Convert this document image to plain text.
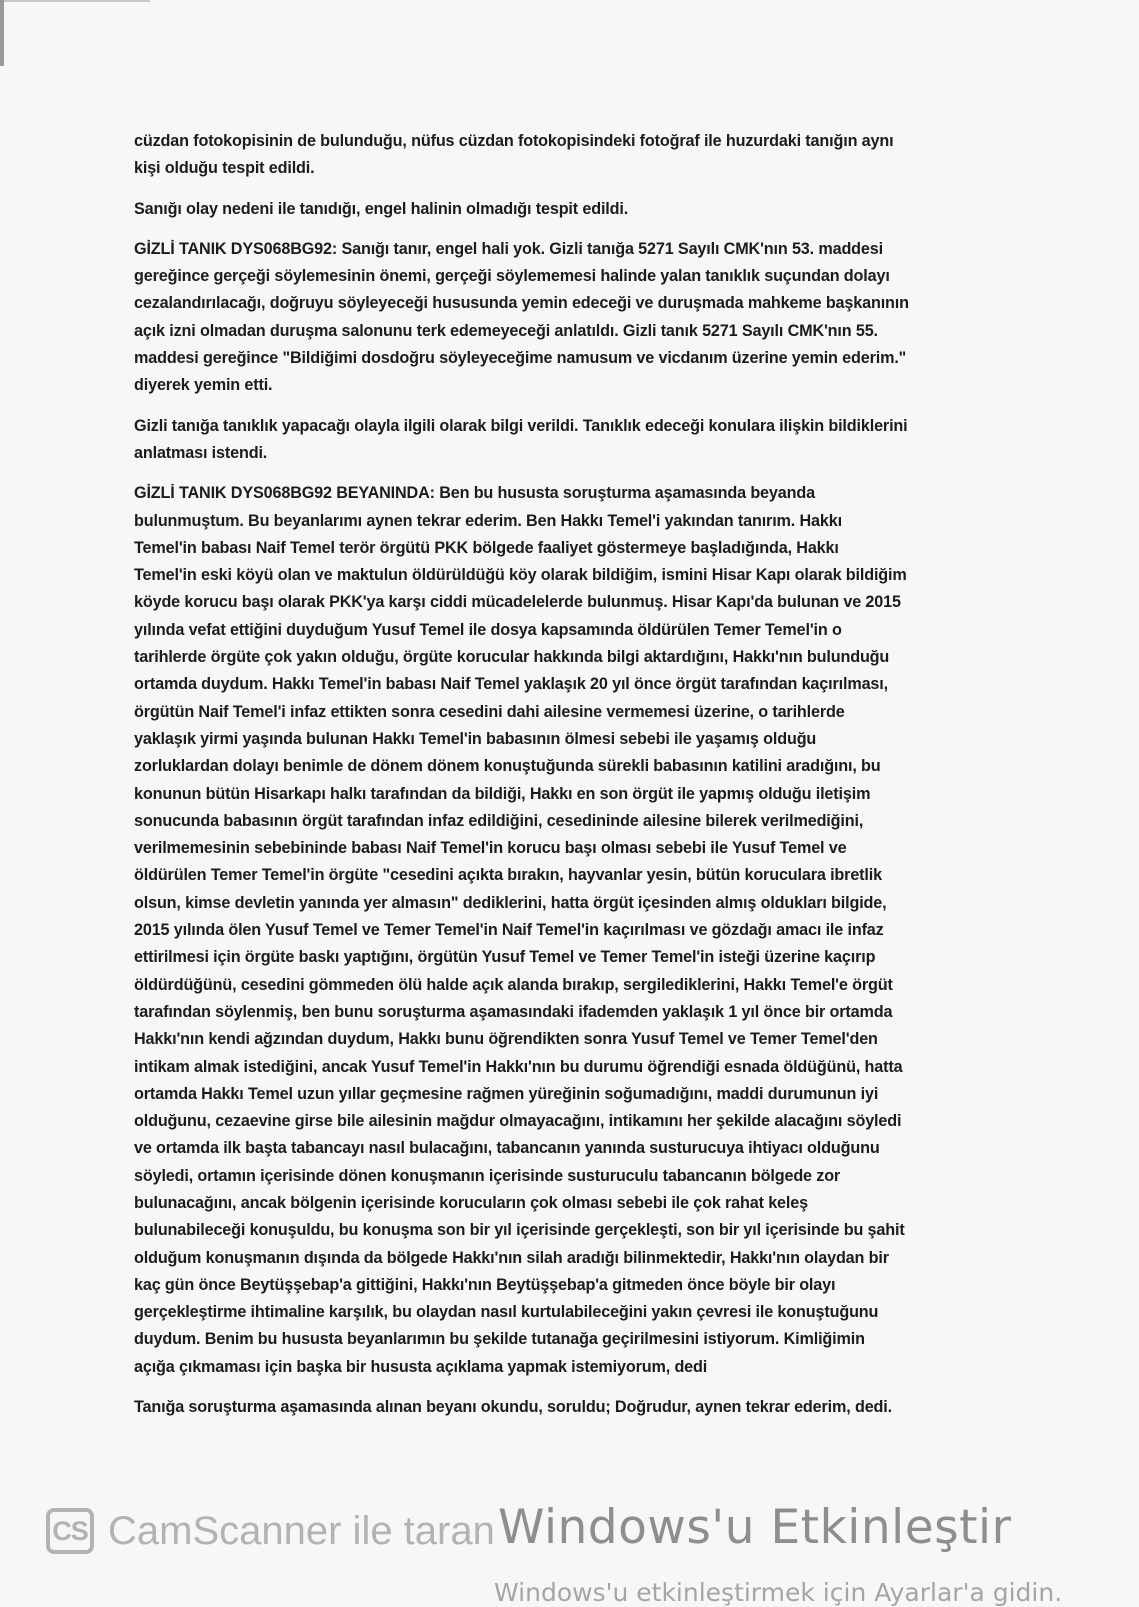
cüzdan fotokopisinin de bulunduğu, nüfus cüzdan fotokopisindeki fotoğraf ile huzurdaki tanığın aynı
kişi olduğu tespit edildi.

Sanığı olay nedeni ile tanıdığı, engel halinin olmadığı tespit edildi.

GİZLİ TANIK DYS068BG92: Sanığı tanır, engel hali yok. Gizli tanığa 5271 Sayılı CMK'nın 53. maddesi
gereğince gerçeği söylemesinin önemi, gerçeği söylememesi halinde yalan tanıklık suçundan dolayı
cezalandırılacağı, doğruyu söyleyeceği hususunda yemin edeceği ve duruşmada mahkeme başkanının
açık izni olmadan duruşma salonunu terk edemeyeceği anlatıldı. Gizli tanık 5271 Sayılı CMK'nın 55.
maddesi gereğince "Bildiğimi dosdoğru söyleyeceğime namusum ve vicdanım üzerine yemin ederim."
diyerek yemin etti.

Gizli tanığa tanıklık yapacağı olayla ilgili olarak bilgi verildi. Tanıklık edeceği konulara ilişkin bildiklerini
anlatması istendi.

GİZLİ TANIK DYS068BG92 BEYANINDA: Ben bu hususta soruşturma aşamasında beyanda
bulunmuştum. Bu beyanlarımı aynen tekrar ederim. Ben Hakkı Temel'i yakından tanırım. Hakkı
Temel'in babası Naif Temel terör örgütü PKK bölgede faaliyet göstermeye başladığında, Hakkı
Temel'in eski köyü olan ve maktulun öldürüldüğü köy olarak bildiğim, ismini Hisar Kapı olarak bildiğim
köyde korucu başı olarak PKK'ya karşı ciddi mücadelelerde bulunmuş. Hisar Kapı'da bulunan ve 2015
yılında vefat ettiğini duyduğum Yusuf Temel ile dosya kapsamında öldürülen Temer Temel'in o
tarihlerde örgüte çok yakın olduğu, örgüte korucular hakkında bilgi aktardığını, Hakkı'nın bulunduğu
ortamda duydum. Hakkı Temel'in babası Naif Temel yaklaşık 20 yıl önce örgüt tarafından kaçırılması,
örgütün Naif Temel'i infaz ettikten sonra cesedini dahi ailesine vermemesi üzerine, o tarihlerde
yaklaşık yirmi yaşında bulunan Hakkı Temel'in babasının ölmesi sebebi ile yaşamış olduğu
zorluklardan dolayı benimle de dönem dönem konuştuğunda sürekli babasının katilini aradığını, bu
konunun bütün Hisarkapı halkı tarafından da bildiği, Hakkı en son örgüt ile yapmış olduğu iletişim
sonucunda babasının örgüt tarafından infaz edildiğini, cesedininde ailesine bilerek verilmediğini,
verilmemesinin sebebininde babası Naif Temel'in korucu başı olması sebebi ile Yusuf Temel ve
öldürülen Temer Temel'in örgüte "cesedini açıkta bırakın, hayvanlar yesin, bütün koruculara ibretlik
olsun, kimse devletin yanında yer almasın" dediklerini, hatta örgüt içesinden almış oldukları bilgide,
2015 yılında ölen Yusuf Temel ve Temer Temel'in Naif Temel'in kaçırılması ve gözdağı amacı ile infaz
ettirilmesi için örgüte baskı yaptığını, örgütün Yusuf Temel ve Temer Temel'in isteği üzerine kaçırıp
öldürdüğünü, cesedini gömmeden ölü halde açık alanda bırakıp, sergilediklerini, Hakkı Temel'e örgüt
tarafından söylenmiş, ben bunu soruşturma aşamasındaki ifademden yaklaşık 1 yıl önce bir ortamda
Hakkı'nın kendi ağzından duydum, Hakkı bunu öğrendikten sonra Yusuf Temel ve Temer Temel'den
intikam almak istediğini, ancak Yusuf Temel'in Hakkı'nın bu durumu öğrendiği esnada öldüğünü, hatta
ortamda Hakkı Temel uzun yıllar geçmesine rağmen yüreğinin soğumadığını, maddi durumunun iyi
olduğunu, cezaevine girse bile ailesinin mağdur olmayacağını, intikamını her şekilde alacağını söyledi
ve ortamda ilk başta tabancayı nasıl bulacağını, tabancanın yanında susturucuya ihtiyacı olduğunu
söyledi, ortamın içerisinde dönen konuşmanın içerisinde susturuculu tabancanın bölgede zor
bulunacağını, ancak bölgenin içerisinde korucuların çok olması sebebi ile çok rahat keleş
bulunabileceği konuşuldu, bu konuşma son bir yıl içerisinde gerçekleşti, son bir yıl içerisinde bu şahit
olduğum konuşmanın dışında da bölgede Hakkı'nın silah aradığı bilinmektedir, Hakkı'nın olaydan bir
kaç gün önce Beytüşşebap'a gittiğini, Hakkı'nın Beytüşşebap'a gitmeden önce böyle bir olayı
gerçekleştirme ihtimaline karşılık, bu olaydan nasıl kurtulabileceğini yakın çevresi ile konuştuğunu
duydum. Benim bu hususta beyanlarımın bu şekilde tutanağa geçirilmesini istiyorum. Kimliğimin
açığa çıkmaması için başka bir hususta açıklama yapmak istemiyorum, dedi

Tanığa soruşturma aşamasında alınan beyanı okundu, soruldu; Doğrudur, aynen tekrar ederim, dedi.

CS CamScanner ile taran Windows'u Etkinleştir
Windows'u etkinleştirmek için Ayarlar'a gidin.
